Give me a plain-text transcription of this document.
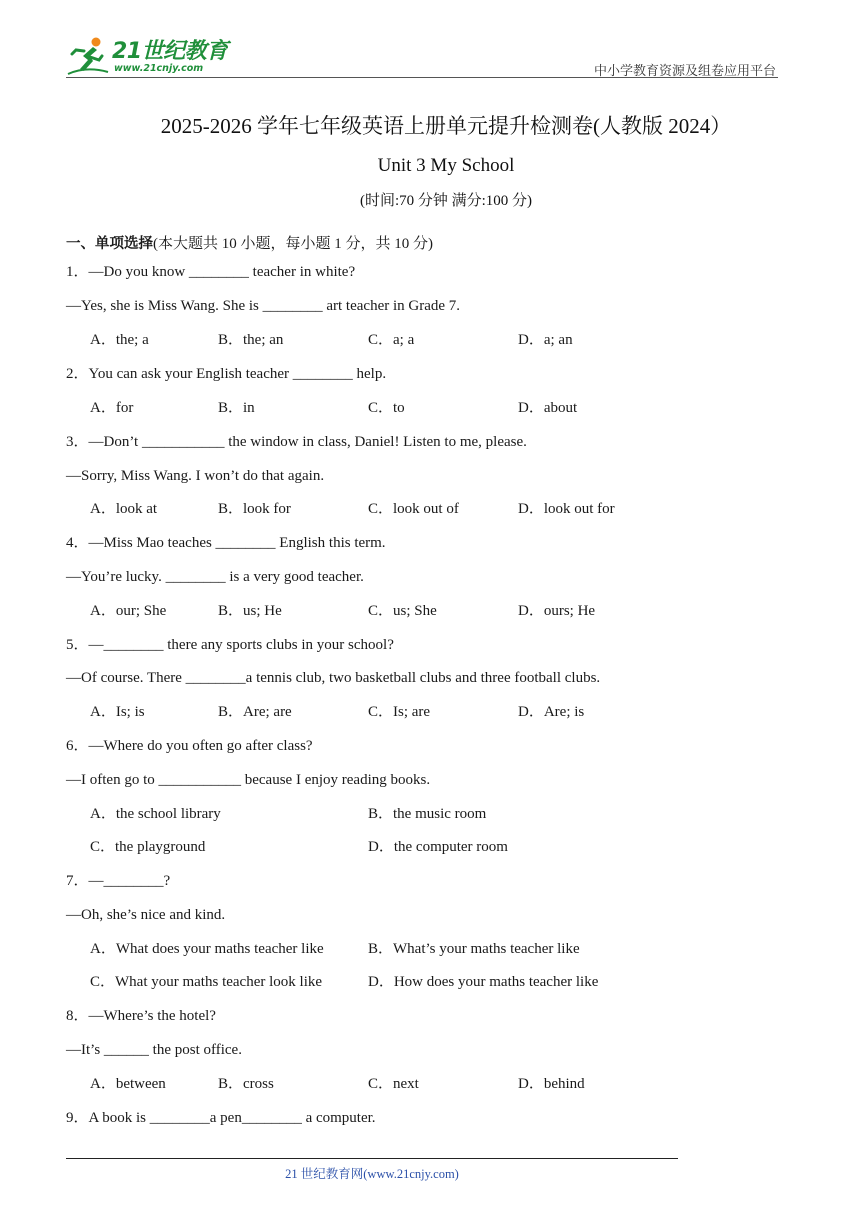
21世纪教育
www.21cnjy.com	中小学教育资源及组卷应用平台
2025-2026 学年七年级英语上册单元提升检测卷(人教版 2024）
Unit 3 My School
(时间:70 分钟 满分:100 分)
一、单项选择(本大题共 10 小题，每小题 1 分，共 10 分)
1．—Do you know ________ teacher in white?
—Yes, she is Miss Wang. She is ________ art teacher in Grade 7.
A．the; a	B．the; an	C．a; a	D．a; an
2．You can ask your English teacher ________ help.
A．for	B．in	C．to	D．about
3．—Don’t ___________ the window in class, Daniel! Listen to me, please.
—Sorry, Miss Wang. I won’t do that again.
A．look at	B．look for	C．look out of	D．look out for
4．—Miss Mao teaches ________ English this term.
—You’re lucky. ________ is a very good teacher.
A．our; She	B．us; He	C．us; She	D．ours; He
5．—________ there any sports clubs in your school?
—Of course. There ________a tennis club, two basketball clubs and three football clubs.
A．Is; is	B．Are; are	C．Is; are	D．Are; is
6．—Where do you often go after class?
—I often go to ___________ because I enjoy reading books.
A．the school library	B．the music room
C．the playground	D．the computer room
7．—________?
—Oh, she’s nice and kind.
A．What does your maths teacher like	B．What’s your maths teacher like
C．What your maths teacher look like	D．How does your maths teacher like
8．—Where’s the hotel?
—It’s ______ the post office.
A．between	B．cross	C．next	D．behind
9．A book is ________a pen________ a computer.
21 世纪教育网(www.21cnjy.com)
